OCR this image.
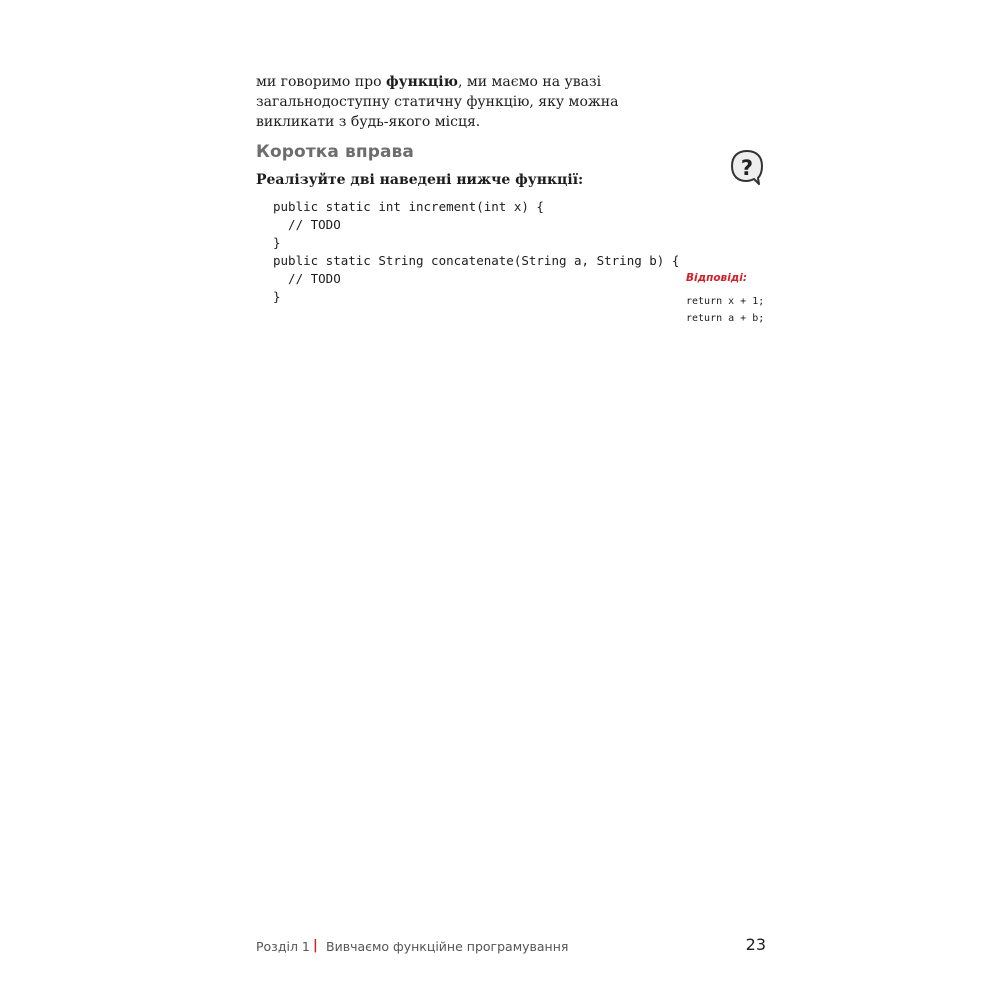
ми говоримо про функцію, ми маємо на увазі загальнодоступну статичну функцію, яку можна викликати з будь-якого місця.

Коротка вправа

Реалізуйте дві наведені нижче функції:

public static int increment(int x) {
// TODO
}
public static String concatenate(String a, String b) {
// TODO
}
?
Відповіді:
return x + 1;
return a + b;
Розділ 1 | Вивчаємо функційне програмування	23
